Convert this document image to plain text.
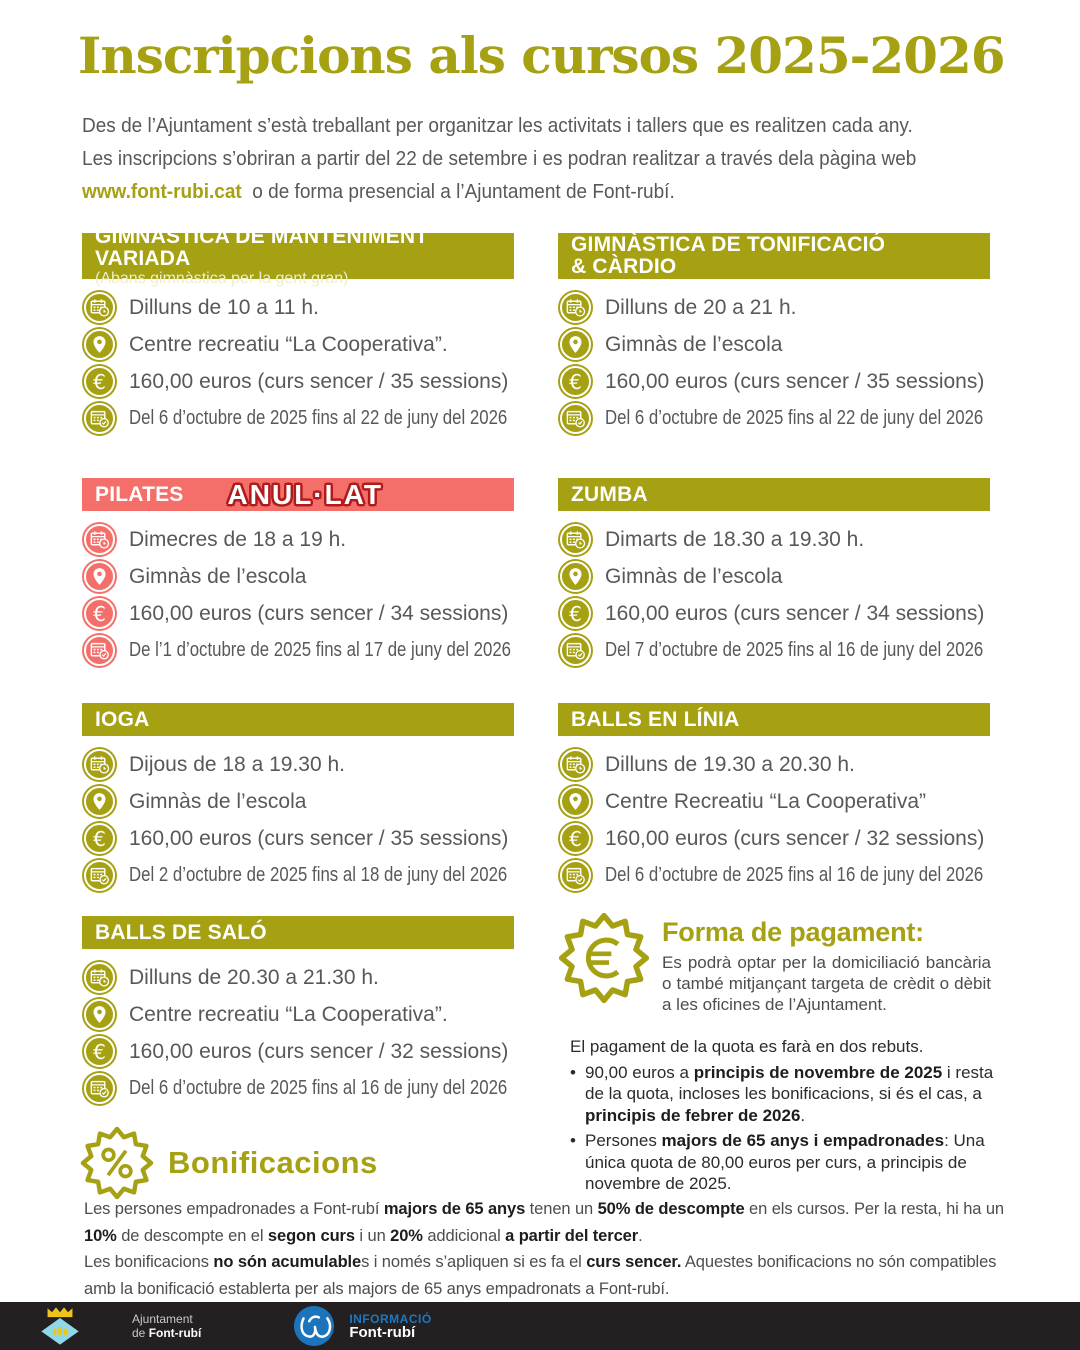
Inscripcions als cursos 2025-2026
Des de l’Ajuntament s’està treballant per organitzar les activitats i tallers que es realitzen cada any.
Les inscripcions s’obriran a partir del 22 de setembre i es podran realitzar a través dela pàgina web
www.font-rubi.cat  o de forma presencial a l’Ajuntament de Font-rubí.
GIMNÀSTICA DE MANTENIMENT VARIADA
(Abans gimnàstica per la gent gran)
Dilluns de 10 a 11 h.
Centre recreatiu “La Cooperativa”.
€ 160,00 euros (curs sencer / 35 sessions)
Del 6 d’octubre de 2025 fins al 22 de juny del 2026
GIMNÀSTICA DE TONIFICACIÓ
& CÀRDIO
Dilluns de 20 a 21 h.
Gimnàs de l’escola
€ 160,00 euros (curs sencer / 35 sessions)
Del 6 d’octubre de 2025 fins al 22 de juny del 2026
PILATES ANUL·LAT
Dimecres de 18 a 19 h.
Gimnàs de l’escola
€ 160,00 euros (curs sencer / 34 sessions)
De l’1 d’octubre de 2025 fins al 17 de juny del 2026
ZUMBA
Dimarts de 18.30 a 19.30 h.
Gimnàs de l’escola
€ 160,00 euros (curs sencer / 34 sessions)
Del 7 d’octubre de 2025 fins al 16 de juny del 2026
IOGA
Dijous de 18 a 19.30 h.
Gimnàs de l’escola
€ 160,00 euros (curs sencer / 35 sessions)
Del 2 d’octubre de 2025 fins al 18 de juny del 2026
BALLS EN LÍNIA
Dilluns de 19.30 a 20.30 h.
Centre Recreatiu “La Cooperativa”
€ 160,00 euros (curs sencer / 32 sessions)
Del 6 d’octubre de 2025 fins al 16 de juny del 2026
BALLS DE SALÓ
Dilluns de 20.30 a 21.30 h.
Centre recreatiu “La Cooperativa”.
€ 160,00 euros (curs sencer / 32 sessions)
Del 6 d’octubre de 2025 fins al 16 de juny del 2026
Forma de pagament:
Es podrà optar per la domiciliació bancària o també mitjançant targeta de crèdit o dèbit a les oficines de l’Ajuntament.
El pagament de la quota es farà en dos rebuts.
• 90,00 euros a principis de novembre de 2025 i resta de la quota, incloses les bonificacions, si és el cas, a principis de febrer de 2026.
• Persones majors de 65 anys i empadronades: Una única quota de 80,00 euros per curs, a principis de novembre de 2025.
Bonificacions

Les persones empadronades a Font-rubí majors de 65 anys tenen un 50% de descompte en els cursos. Per la resta, hi ha un 10% de descompte en el segon curs i un 20% addicional a partir del tercer.

Les bonificacions no són acumulables i només s’apliquen si es fa el curs sencer. Aquestes bonificacions no són compatibles amb la bonificació establerta per als majors de 65 anys empadronats a Font-rubí.

Ajuntament
de Font-rubí
INFORMACIÓ
Font-rubí
